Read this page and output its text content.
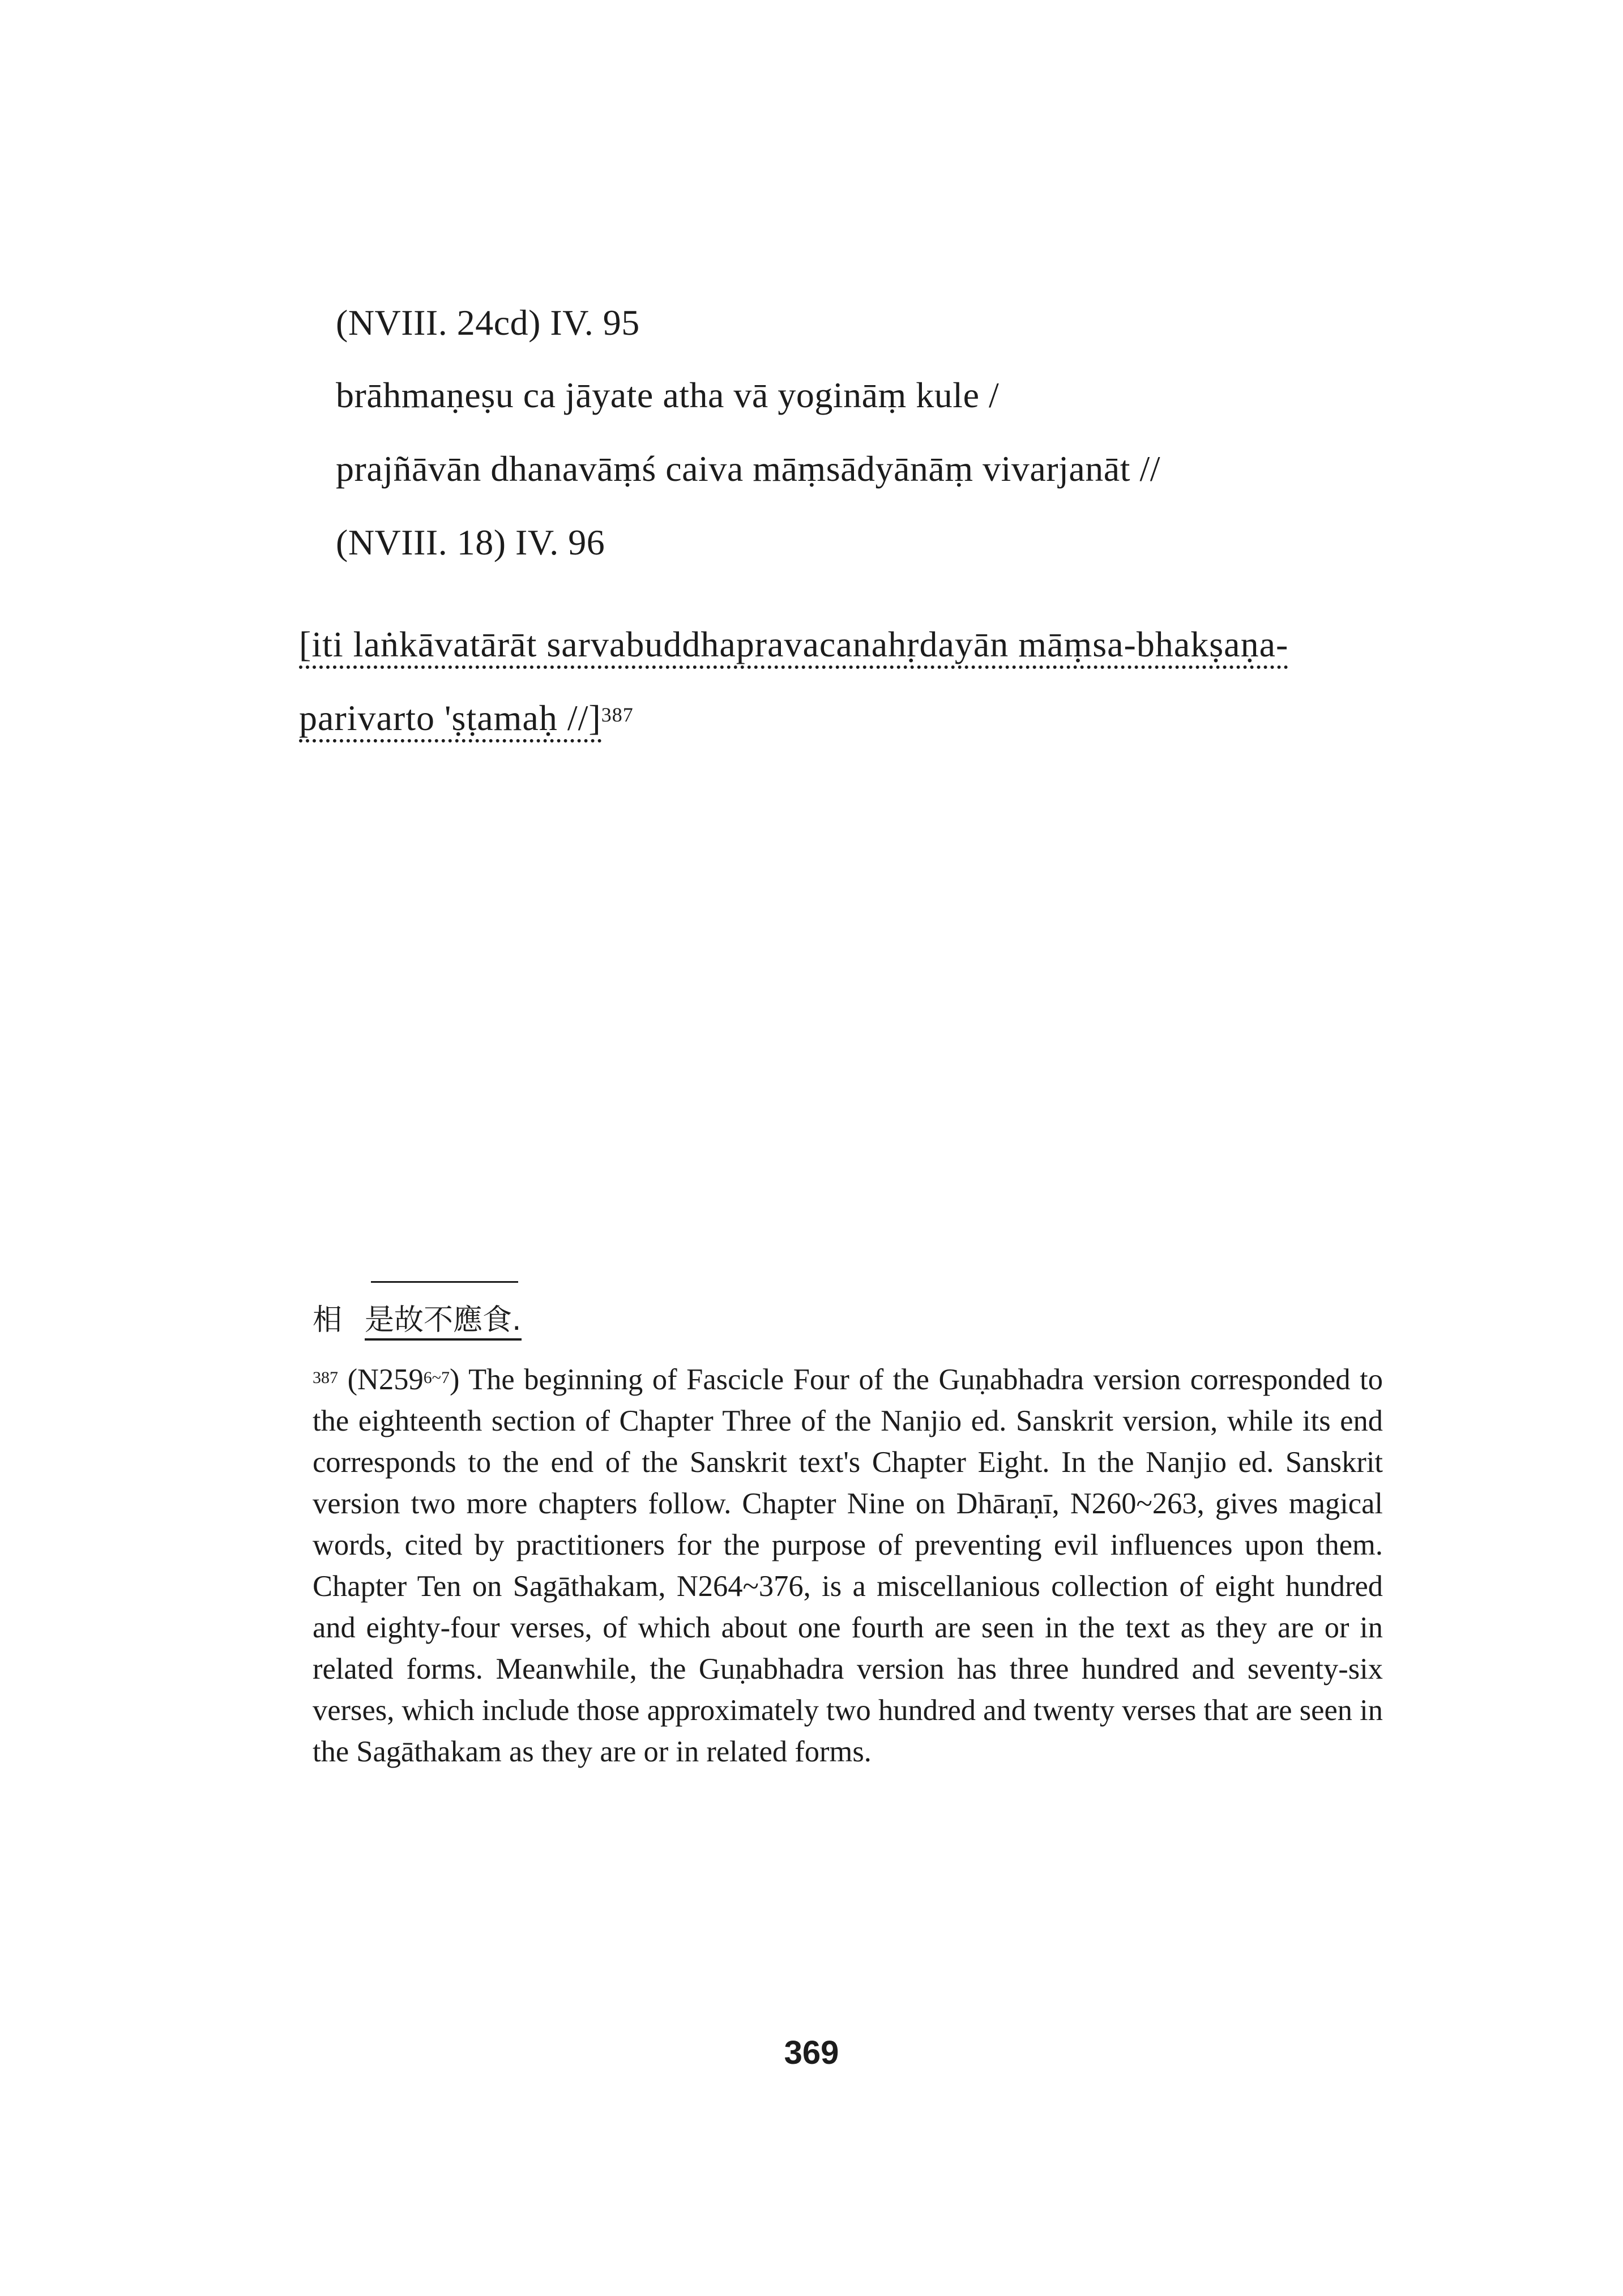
(NVIII. 24cd) IV. 95
brāhmaṇeṣu ca jāyate atha vā yogināṃ kule /
prajñāvān dhanavāṃś caiva māṃsādyānāṃ vivarjanāt //
(NVIII. 18) IV. 96
[iti laṅkāvatārāt sarvabuddhapravacanahṛdayān māṃsa-bhakṣaṇa-
parivarto 'ṣṭamaḥ //]$^{387}$
相 是故不應食.

$^{387}$ (N259$^{6\sim 7}$) The beginning of Fascicle Four of the Guṇabhadra version corresponded to the eighteenth section of Chapter Three of the Nanjio ed. Sanskrit version, while its end corresponds to the end of the Sanskrit text's Chapter Eight. In the Nanjio ed. Sanskrit version two more chapters follow. Chapter Nine on Dhāraṇī, N260~263, gives magical words, cited by practitioners for the purpose of preventing evil influences upon them. Chapter Ten on Sagāthakam, N264~376, is a miscellanious collection of eight hundred and eighty-four verses, of which about one fourth are seen in the text as they are or in related forms. Meanwhile, the Guṇabhadra version has three hundred and seventy-six verses, which include those approximately two hundred and twenty verses that are seen in the Sagāthakam as they are or in related forms.

369
